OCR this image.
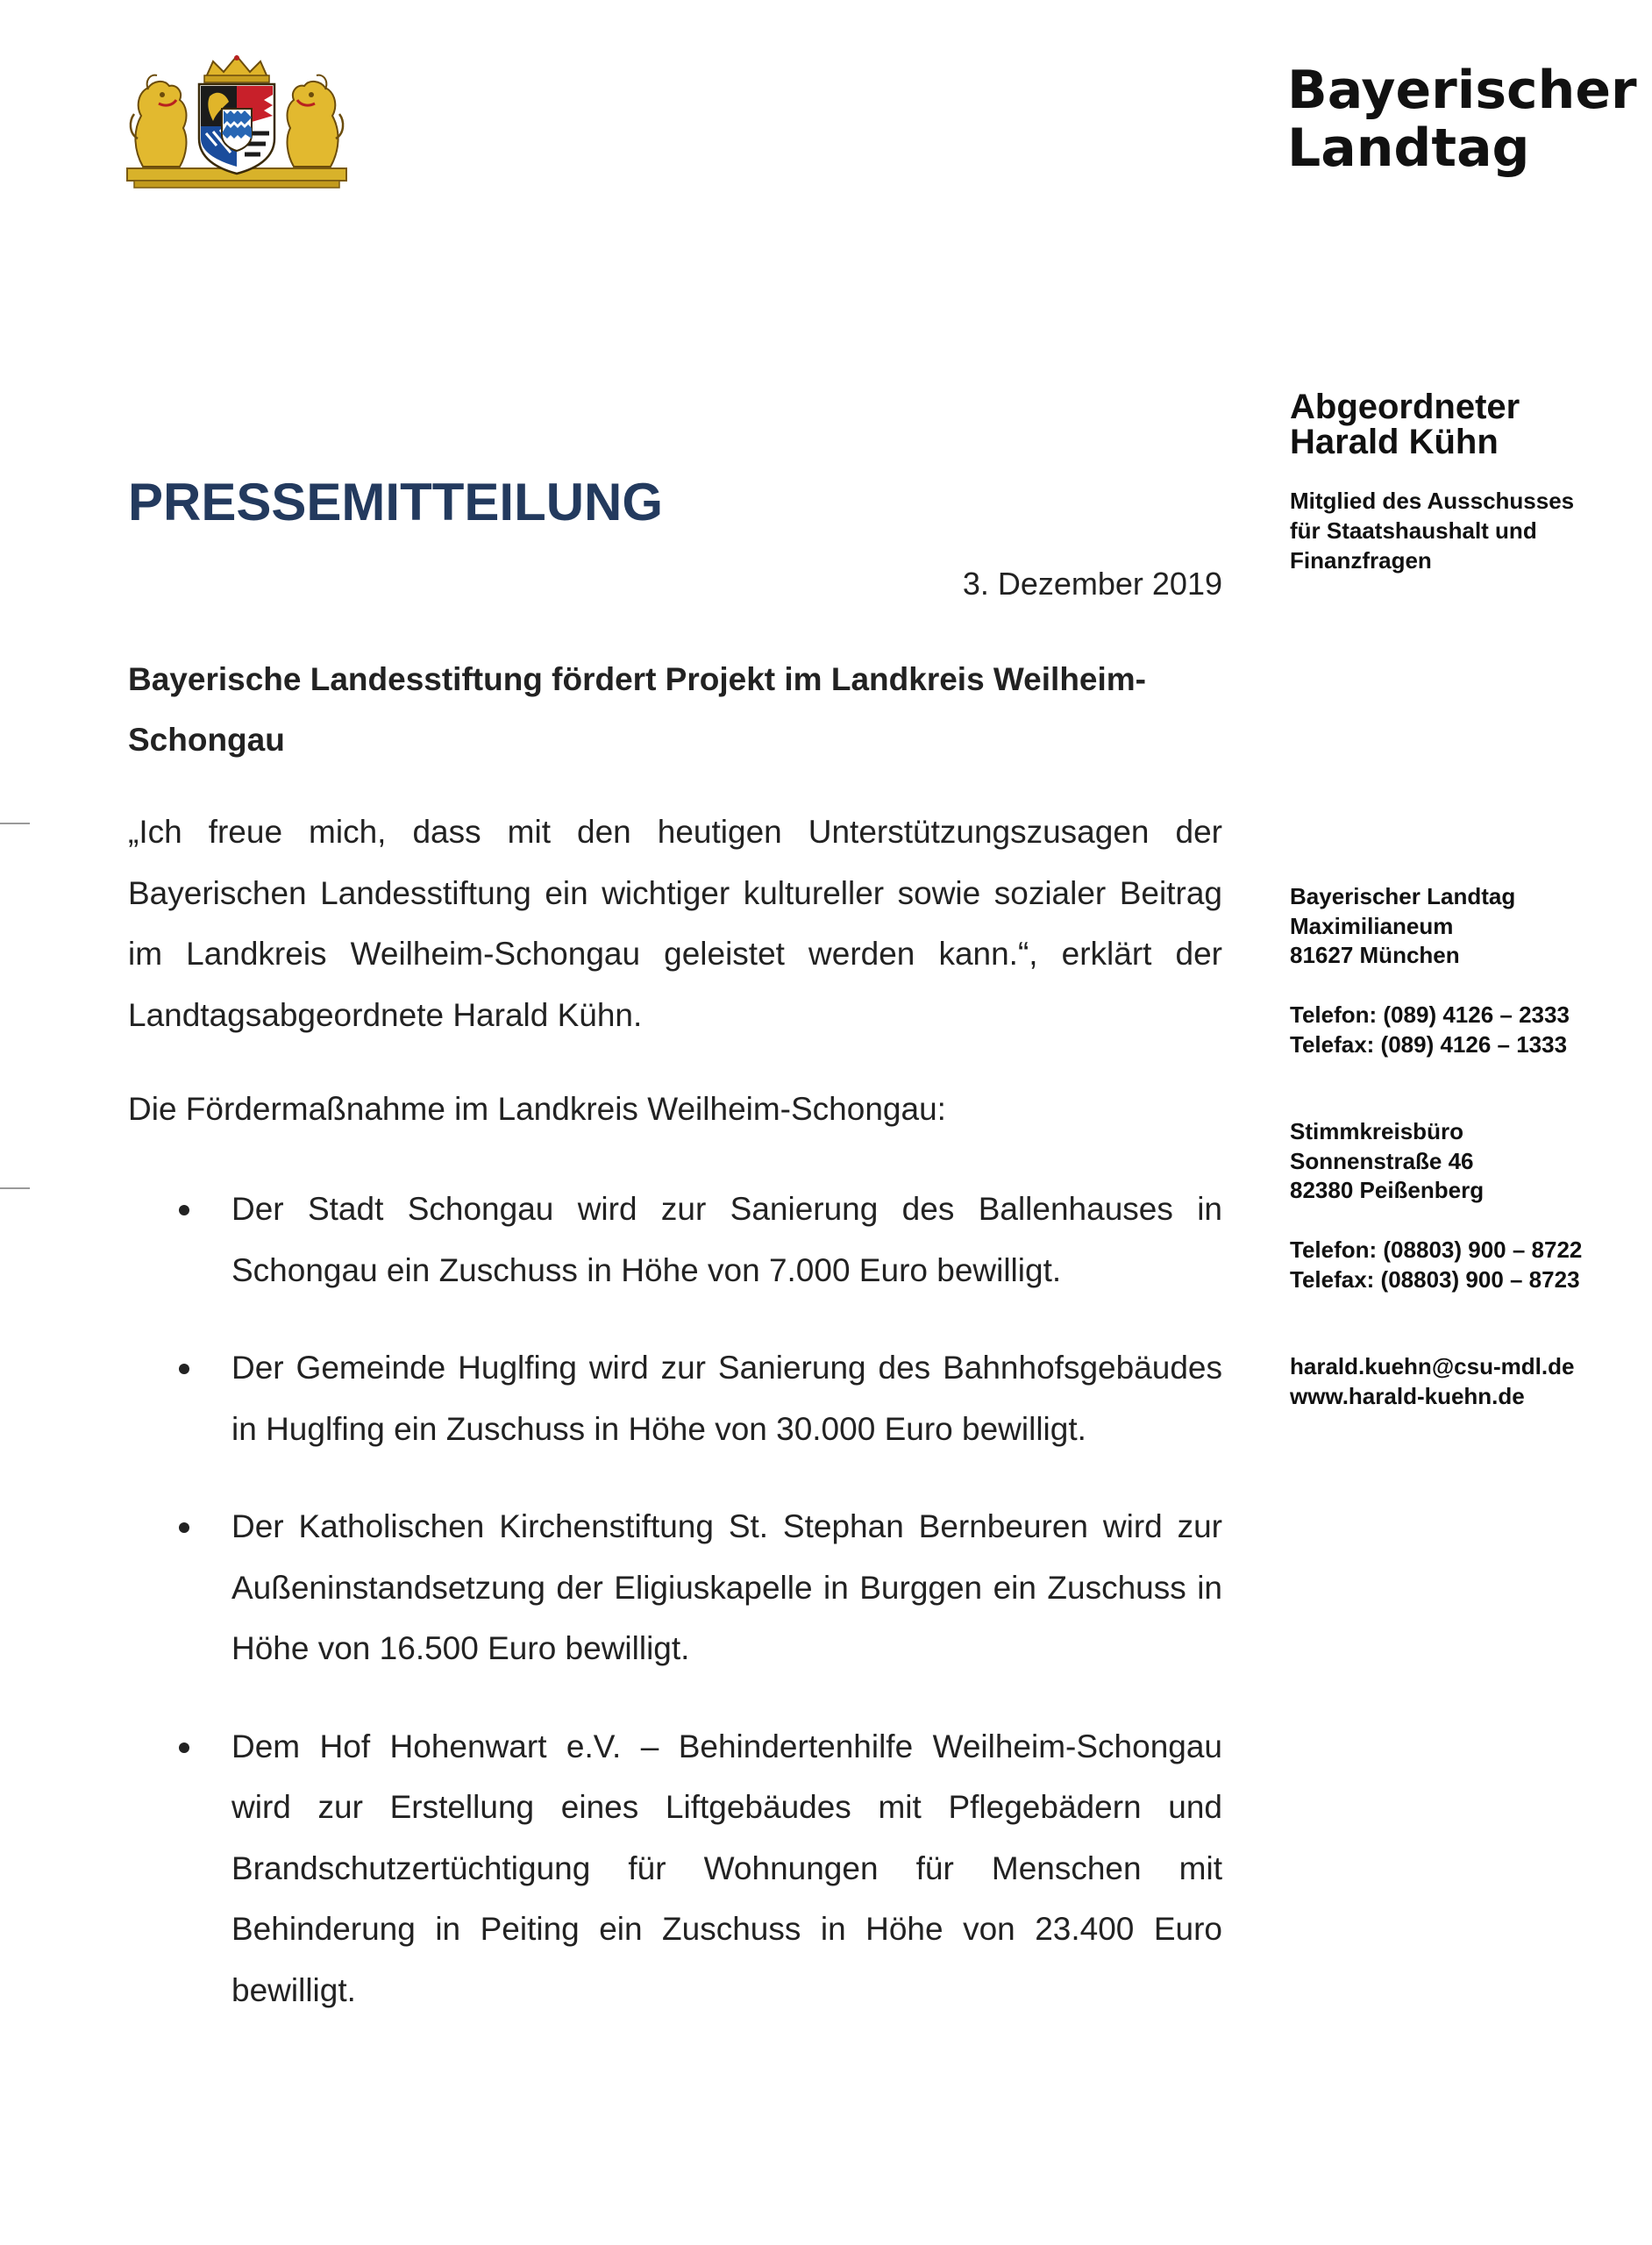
Bayerischer
Landtag
Abgeordneter
Harald Kühn
Mitglied des Ausschusses
für Staatshaushalt und
Finanzfragen
Bayerischer Landtag
Maximilianeum
81627 München
Telefon: (089) 4126 – 2333
Telefax: (089) 4126 – 1333
Stimmkreisbüro
Sonnenstraße 46
82380 Peißenberg
Telefon: (08803) 900 – 8722
Telefax: (08803) 900 – 8723
harald.kuehn@csu-mdl.de
www.harald-kuehn.de
PRESSEMITTEILUNG
3. Dezember 2019
Bayerische Landesstiftung fördert Projekt im Landkreis Weilheim-Schongau
„Ich freue mich, dass mit den heutigen Unterstützungszusagen der Bayerischen Landesstiftung ein wichtiger kultureller sowie sozialer Beitrag im Landkreis Weilheim-Schongau geleistet werden kann.“, erklärt der Landtagsabgeordnete Harald Kühn.
Die Fördermaßnahme im Landkreis Weilheim-Schongau:
Der Stadt Schongau wird zur Sanierung des Ballenhauses in Schongau ein Zuschuss in Höhe von 7.000 Euro bewilligt.
Der Gemeinde Huglfing wird zur Sanierung des Bahnhofsgebäudes in Huglfing ein Zuschuss in Höhe von 30.000 Euro bewilligt.
Der Katholischen Kirchenstiftung St. Stephan Bernbeuren wird zur Außeninstandsetzung der Eligiuskapelle in Burggen ein Zuschuss in Höhe von 16.500 Euro bewilligt.
Dem Hof Hohenwart e.V. – Behindertenhilfe Weilheim-Schongau wird zur Erstellung eines Liftgebäudes mit Pflegebädern und Brandschutzertüchtigung für Wohnungen für Menschen mit Behinderung in Peiting ein Zuschuss in Höhe von 23.400 Euro bewilligt.
